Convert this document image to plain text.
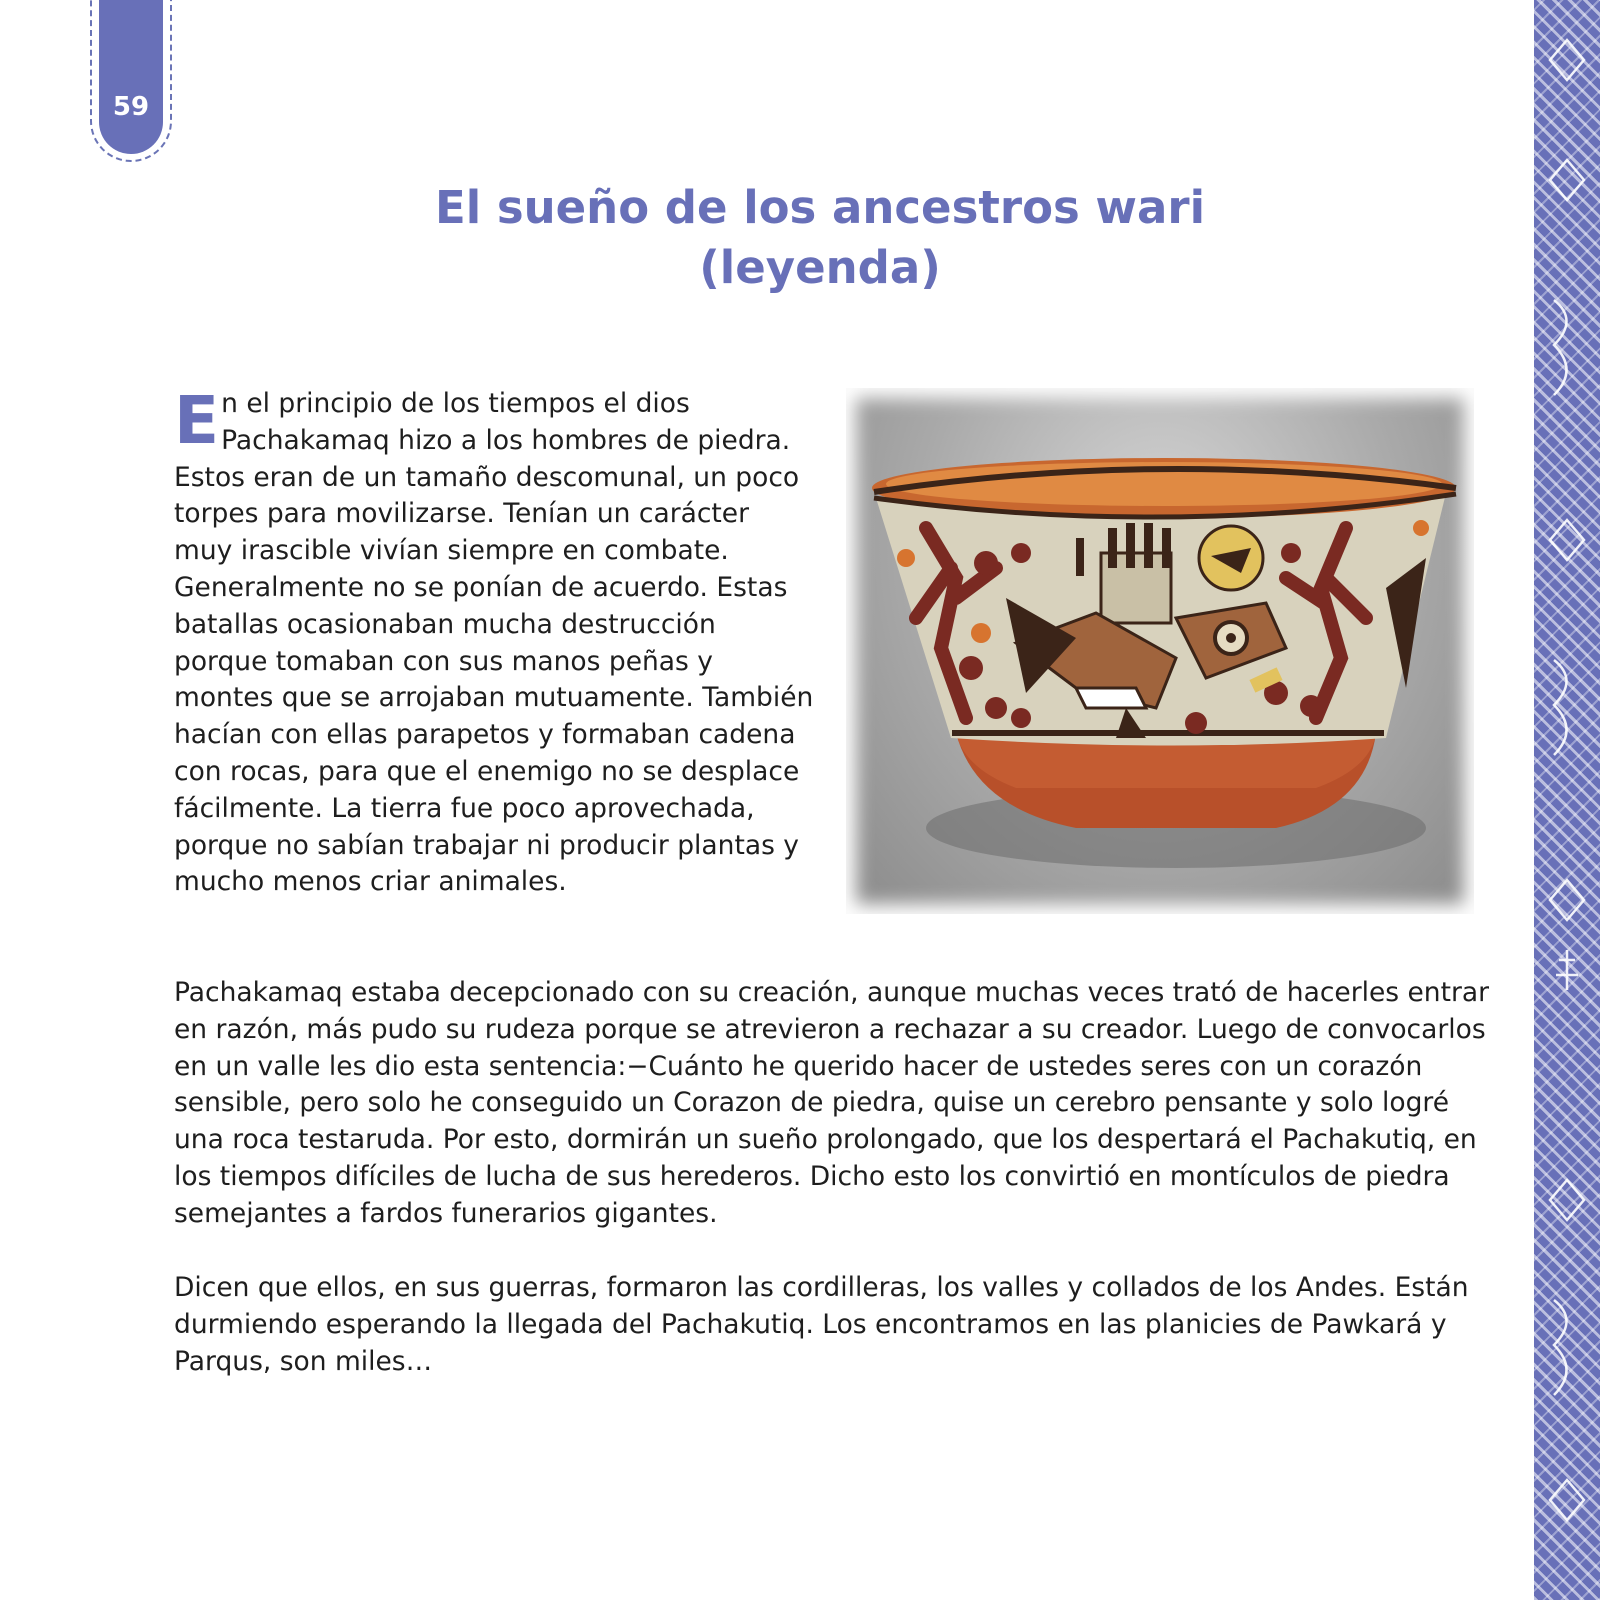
59
El sueño de los ancestros wari
(leyenda)

En el principio de los tiempos el dios Pachakamaq hizo a los hombres de piedra. Estos eran de un tamaño descomunal, un poco torpes para movilizarse. Tenían un carácter muy irascible vivían siempre en combate. Generalmente no se ponían de acuerdo. Estas batallas ocasionaban mucha destrucción porque tomaban con sus manos peñas y montes que se arrojaban mutuamente. También hacían con ellas parapetos y formaban cadena con rocas, para que el enemigo no se desplace fácilmente. La tierra fue poco aprovechada, porque no sabían trabajar ni producir plantas y mucho menos criar animales.

Pachakamaq estaba decepcionado con su creación, aunque muchas veces trató de hacerles entrar en razón, más pudo su rudeza porque se atrevieron a rechazar a su creador. Luego de convocarlos en un valle les dio esta sentencia:−Cuánto he querido hacer de ustedes seres con un corazón sensible, pero solo he conseguido un Corazon de piedra, quise un cerebro pensante y solo logré una roca testaruda. Por esto, dormirán un sueño prolongado, que los despertará el Pachakutiq, en los tiempos difíciles de lucha de sus herederos. Dicho esto los convirtió en montículos de piedra semejantes a fardos funerarios gigantes.

Dicen que ellos, en sus guerras, formaron las cordilleras, los valles y collados de los Andes. Están durmiendo esperando la llegada del Pachakutiq. Los encontramos en las planicies de Pawkará y Parqus, son miles…
